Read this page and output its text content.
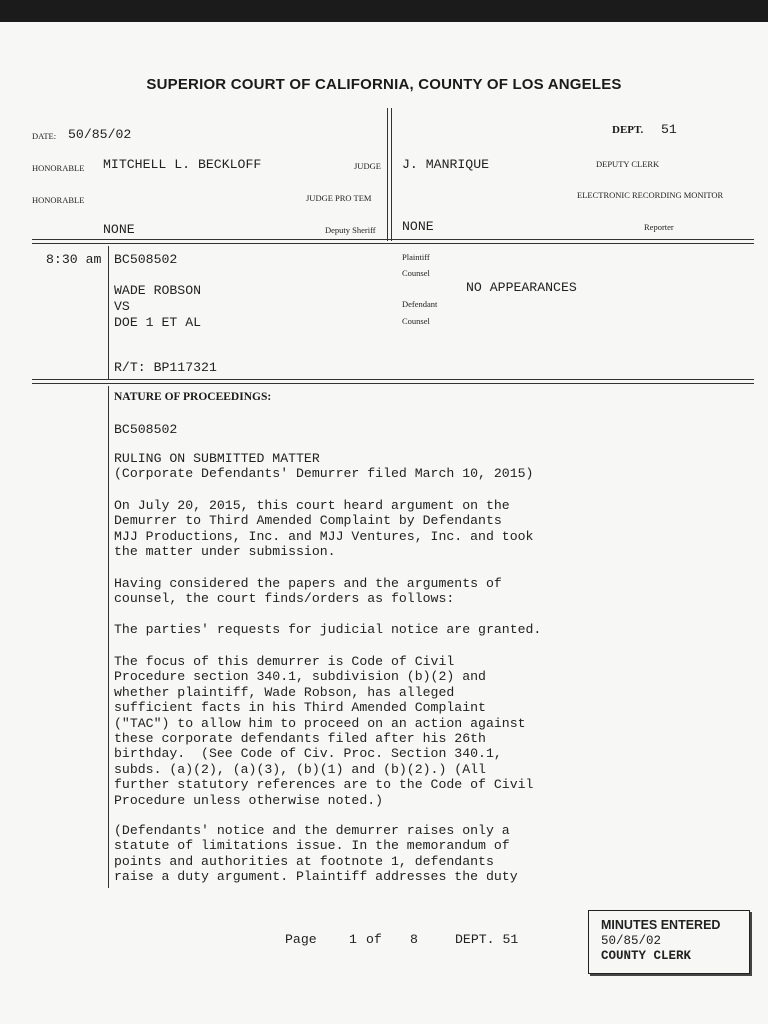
SUPERIOR COURT OF CALIFORNIA, COUNTY OF LOS ANGELES
DATE: 50/85/02	DEPT. 51
HONORABLE MITCHELL L. BECKLOFF	JUDGE J. MANRIQUE	DEPUTY CLERK
HONORABLE	JUDGE PRO TEM	ELECTRONIC RECORDING MONITOR
NONE	Deputy Sheriff NONE	Reporter
8:30 am BC508502
WADE ROBSON
VS
DOE 1 ET AL
R/T: BP117321
Plaintiff
Counsel
NO APPEARANCES
Defendant
Counsel
NATURE OF PROCEEDINGS:
BC508502
RULING ON SUBMITTED MATTER
(Corporate Defendants' Demurrer filed March 10, 2015)
On July 20, 2015, this court heard argument on the
Demurrer to Third Amended Complaint by Defendants
MJJ Productions, Inc. and MJJ Ventures, Inc. and took
the matter under submission.
Having considered the papers and the arguments of
counsel, the court finds/orders as follows:
The parties' requests for judicial notice are granted.
The focus of this demurrer is Code of Civil
Procedure section 340.1, subdivision (b)(2) and
whether plaintiff, Wade Robson, has alleged
sufficient facts in his Third Amended Complaint
("TAC") to allow him to proceed on an action against
these corporate defendants filed after his 26th
birthday.  (See Code of Civ. Proc. Section 340.1,
subds. (a)(2), (a)(3), (b)(1) and (b)(2).) (All
further statutory references are to the Code of Civil
Procedure unless otherwise noted.)
(Defendants' notice and the demurrer raises only a
statute of limitations issue. In the memorandum of
points and authorities at footnote 1, defendants
raise a duty argument. Plaintiff addresses the duty
Page 1 of 8	DEPT. 51
MINUTES ENTERED
50/85/02
COUNTY CLERK
